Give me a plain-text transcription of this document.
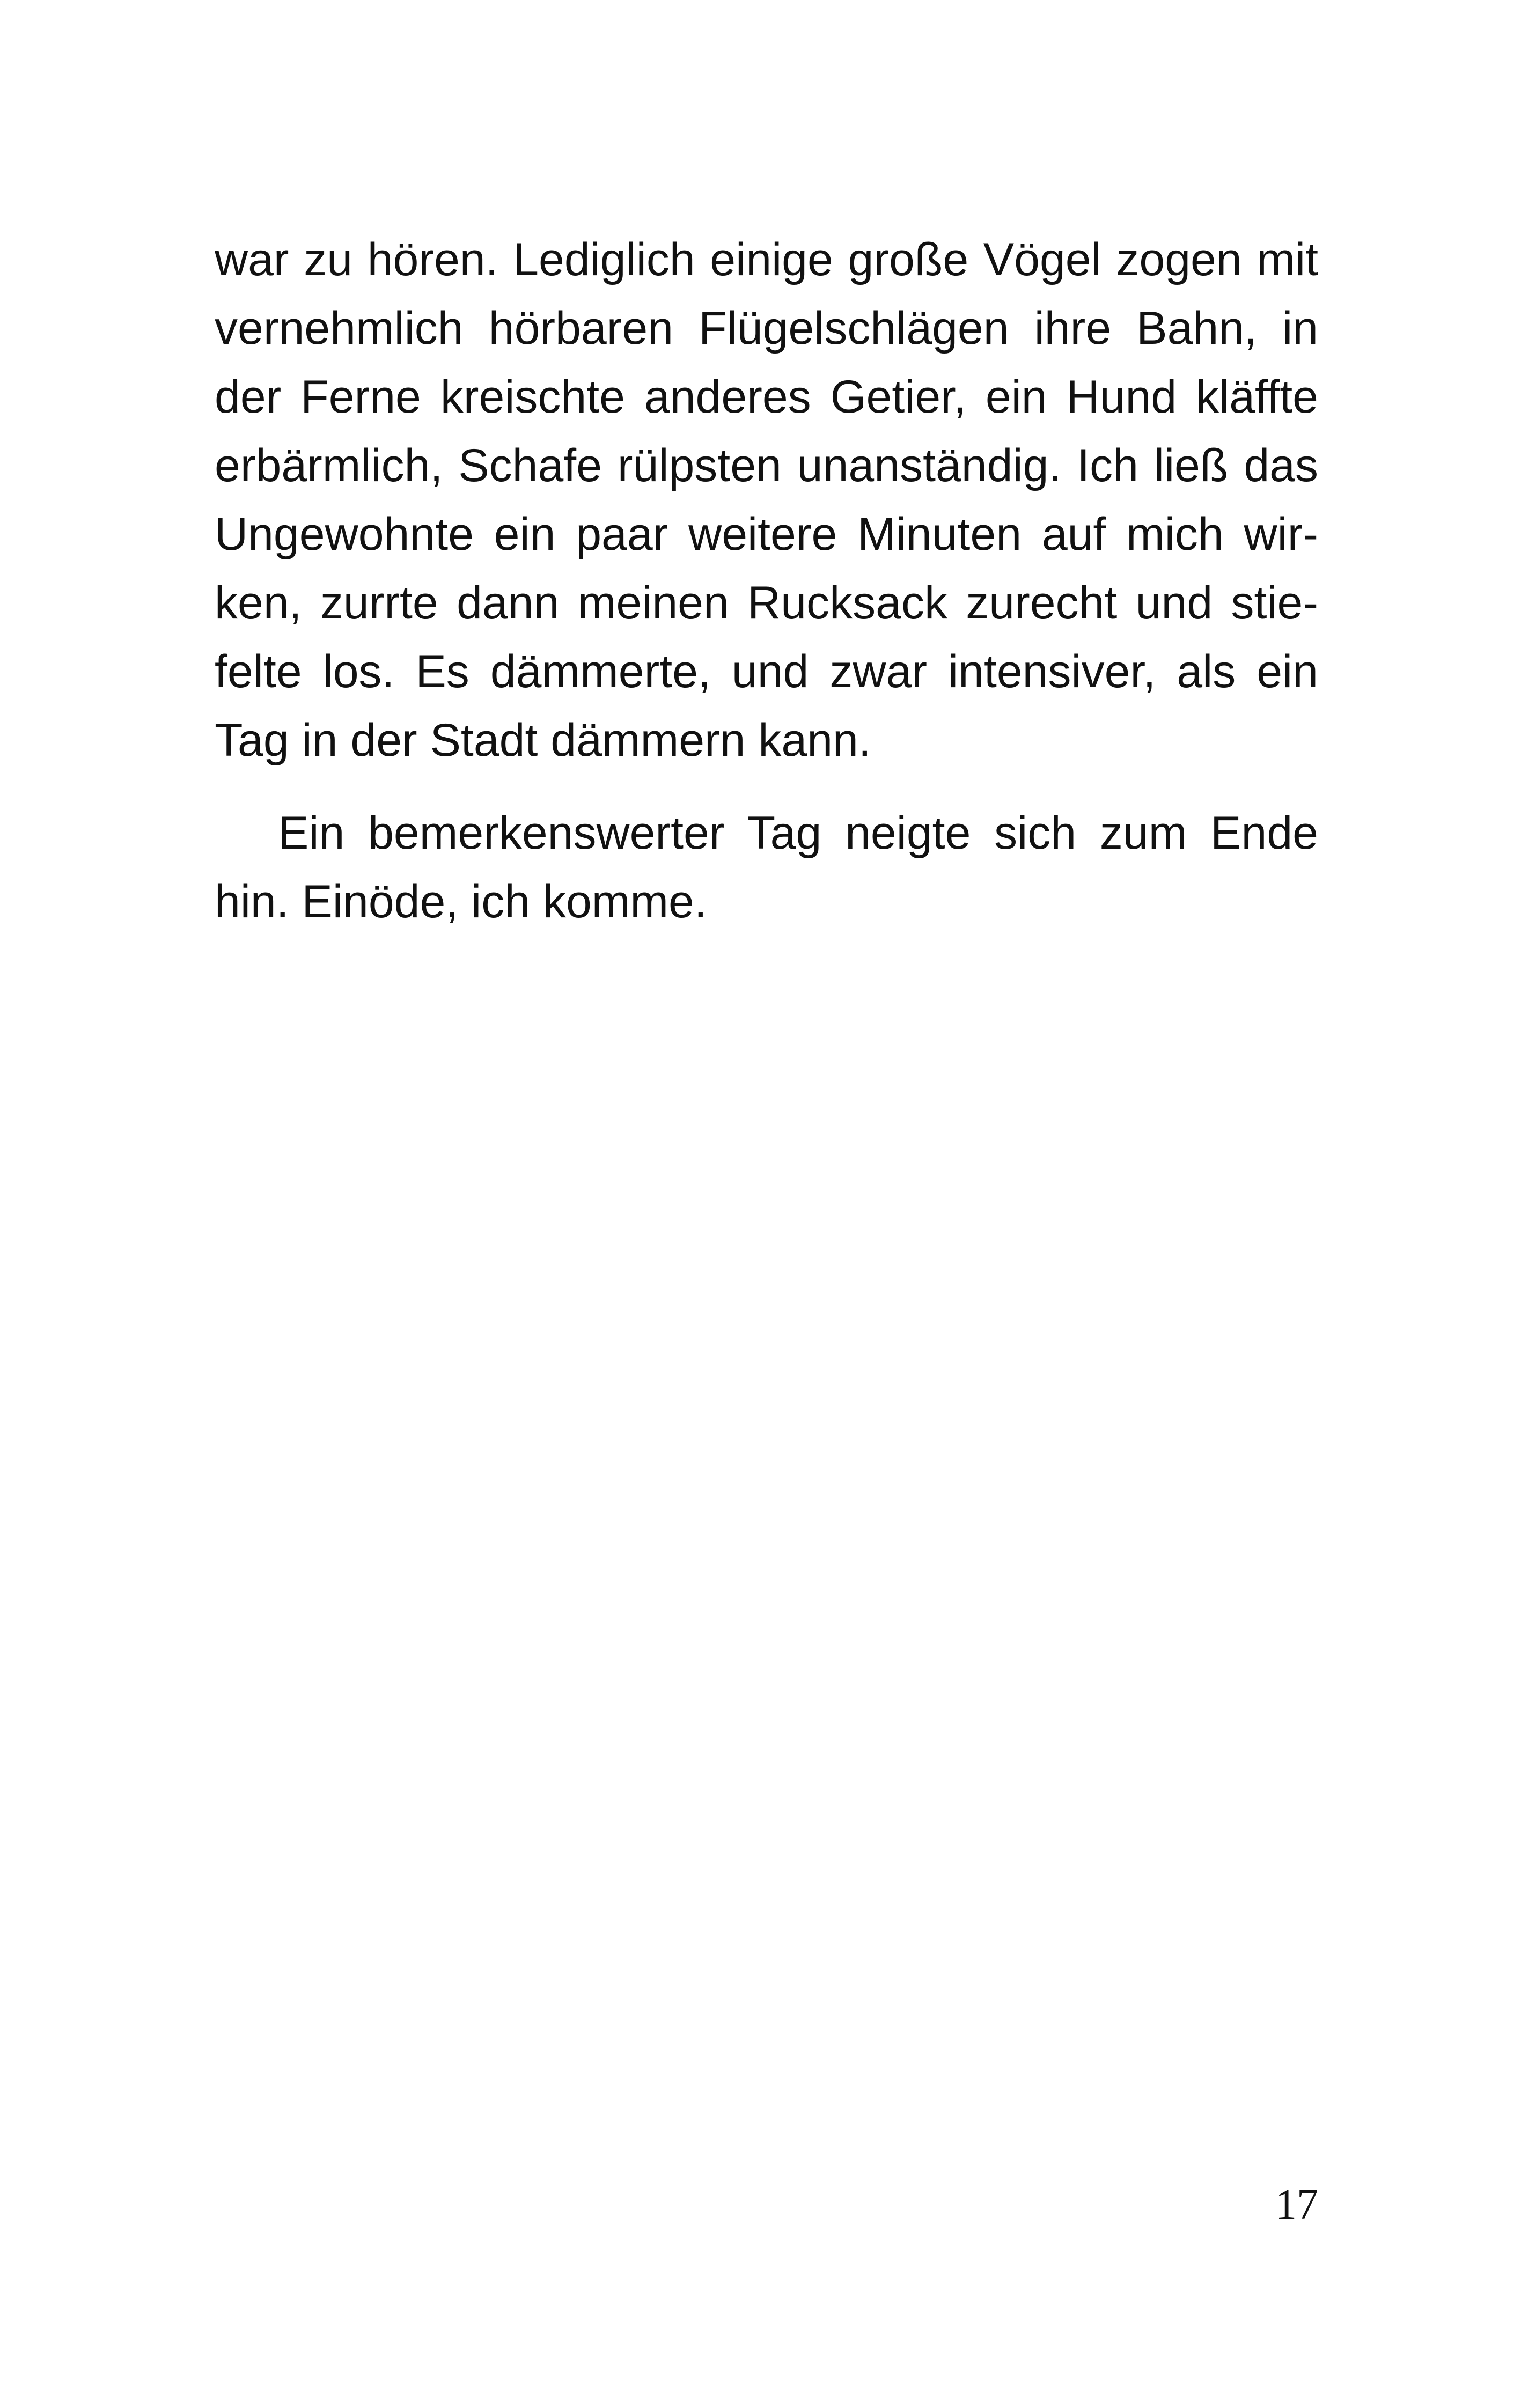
war zu hören. Lediglich einige große Vögel zogen mit
vernehmlich hörbaren Flügelschlägen ihre Bahn, in
der Ferne kreischte anderes Getier, ein Hund kläffte
erbärmlich, Schafe rülpsten unanständig. Ich ließ das
Ungewohnte ein paar weitere Minuten auf mich wir-
ken, zurrte dann meinen Rucksack zurecht und stie-
felte los. Es dämmerte, und zwar intensiver, als ein
Tag in der Stadt dämmern kann.
Ein bemerkenswerter Tag neigte sich zum Ende
hin. Einöde, ich komme.
17
